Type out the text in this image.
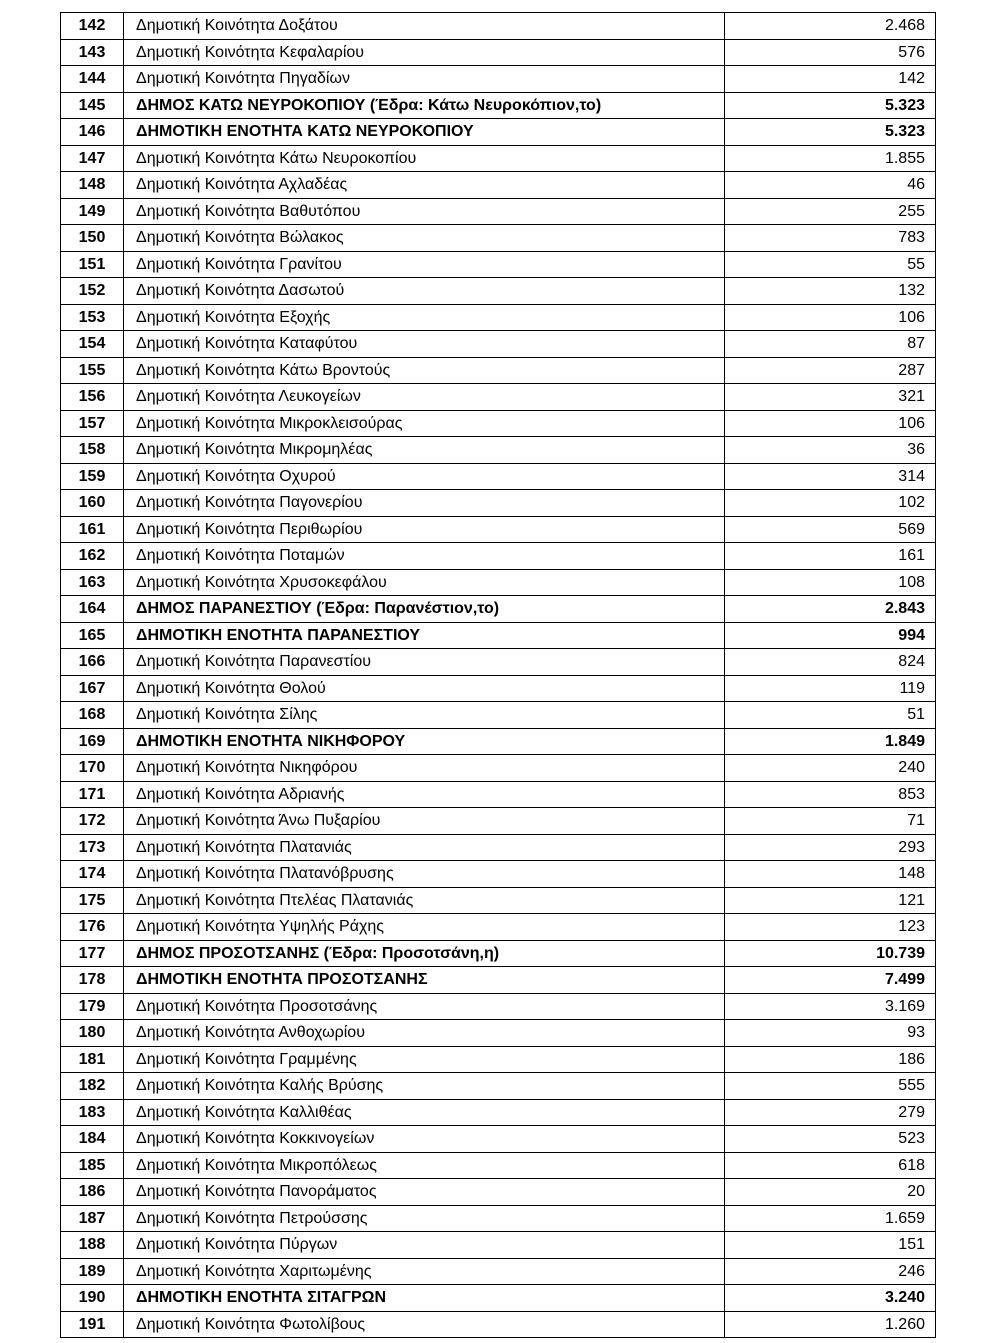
142	Δημοτική Κοινότητα Δοξάτου	2.468
143	Δημοτική Κοινότητα Κεφαλαρίου	576
144	Δημοτική Κοινότητα Πηγαδίων	142
145	ΔΗΜΟΣ ΚΑΤΩ ΝΕΥΡΟΚΟΠΙΟΥ (Έδρα: Κάτω Νευροκόπιον,το)	5.323
146	ΔΗΜΟΤΙΚΗ ΕΝΟΤΗΤΑ ΚΑΤΩ ΝΕΥΡΟΚΟΠΙΟΥ	5.323
147	Δημοτική Κοινότητα Κάτω Νευροκοπίου	1.855
148	Δημοτική Κοινότητα Αχλαδέας	46
149	Δημοτική Κοινότητα Βαθυτόπου	255
150	Δημοτική Κοινότητα Βώλακος	783
151	Δημοτική Κοινότητα Γρανίτου	55
152	Δημοτική Κοινότητα Δασωτού	132
153	Δημοτική Κοινότητα Εξοχής	106
154	Δημοτική Κοινότητα Καταφύτου	87
155	Δημοτική Κοινότητα Κάτω Βροντούς	287
156	Δημοτική Κοινότητα Λευκογείων	321
157	Δημοτική Κοινότητα Μικροκλεισούρας	106
158	Δημοτική Κοινότητα Μικρομηλέας	36
159	Δημοτική Κοινότητα Οχυρού	314
160	Δημοτική Κοινότητα Παγονερίου	102
161	Δημοτική Κοινότητα Περιθωρίου	569
162	Δημοτική Κοινότητα Ποταμών	161
163	Δημοτική Κοινότητα Χρυσοκεφάλου	108
164	ΔΗΜΟΣ ΠΑΡΑΝΕΣΤΙΟΥ (Έδρα: Παρανέστιον,το)	2.843
165	ΔΗΜΟΤΙΚΗ ΕΝΟΤΗΤΑ ΠΑΡΑΝΕΣΤΙΟΥ	994
166	Δημοτική Κοινότητα Παρανεστίου	824
167	Δημοτική Κοινότητα Θολού	119
168	Δημοτική Κοινότητα Σίλης	51
169	ΔΗΜΟΤΙΚΗ ΕΝΟΤΗΤΑ ΝΙΚΗΦΟΡΟΥ	1.849
170	Δημοτική Κοινότητα Νικηφόρου	240
171	Δημοτική Κοινότητα Αδριανής	853
172	Δημοτική Κοινότητα Άνω Πυξαρίου	71
173	Δημοτική Κοινότητα Πλατανιάς	293
174	Δημοτική Κοινότητα Πλατανόβρυσης	148
175	Δημοτική Κοινότητα Πτελέας Πλατανιάς	121
176	Δημοτική Κοινότητα Υψηλής Ράχης	123
177	ΔΗΜΟΣ ΠΡΟΣΟΤΣΑΝΗΣ (Έδρα: Προσοτσάνη,η)	10.739
178	ΔΗΜΟΤΙΚΗ ΕΝΟΤΗΤΑ ΠΡΟΣΟΤΣΑΝΗΣ	7.499
179	Δημοτική Κοινότητα Προσοτσάνης	3.169
180	Δημοτική Κοινότητα Ανθοχωρίου	93
181	Δημοτική Κοινότητα Γραμμένης	186
182	Δημοτική Κοινότητα Καλής Βρύσης	555
183	Δημοτική Κοινότητα Καλλιθέας	279
184	Δημοτική Κοινότητα Κοκκινογείων	523
185	Δημοτική Κοινότητα Μικροπόλεως	618
186	Δημοτική Κοινότητα Πανοράματος	20
187	Δημοτική Κοινότητα Πετρούσσης	1.659
188	Δημοτική Κοινότητα Πύργων	151
189	Δημοτική Κοινότητα Χαριτωμένης	246
190	ΔΗΜΟΤΙΚΗ ΕΝΟΤΗΤΑ ΣΙΤΑΓΡΩΝ	3.240
191	Δημοτική Κοινότητα Φωτολίβους	1.260
